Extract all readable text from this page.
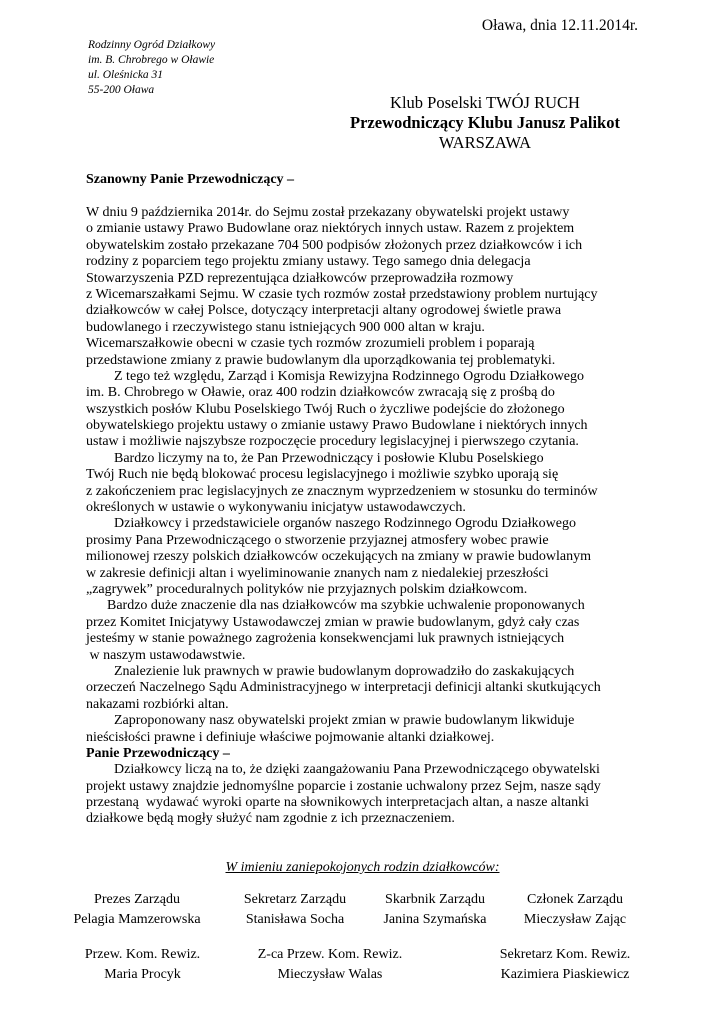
Oława, dnia 12.11.2014r.
Rodzinny Ogród Działkowy
im. B. Chrobrego w Oławie
ul. Oleśnicka 31
55-200 Oława
Klub Poselski TWÓJ RUCH
Przewodniczący Klubu Janusz Palikot
WARSZAWA
Szanowny Panie Przewodniczący –
W dniu 9 października 2014r. do Sejmu został przekazany obywatelski projekt ustawy
o zmianie ustawy Prawo Budowlane oraz niektórych innych ustaw. Razem z projektem
obywatelskim zostało przekazane 704 500 podpisów złożonych przez działkowców i ich
rodziny z poparciem tego projektu zmiany ustawy. Tego samego dnia delegacja
Stowarzyszenia PZD reprezentująca działkowców przeprowadziła rozmowy
z Wicemarszałkami Sejmu. W czasie tych rozmów został przedstawiony problem nurtujący
działkowców w całej Polsce, dotyczący interpretacji altany ogrodowej świetle prawa
budowlanego i rzeczywistego stanu istniejących 900 000 altan w kraju.
Wicemarszałkowie obecni w czasie tych rozmów zrozumieli problem i poparają
przedstawione zmiany z prawie budowlanym dla uporządkowania tej problematyki.
Z tego też względu, Zarząd i Komisja Rewizyjna Rodzinnego Ogrodu Działkowego
im. B. Chrobrego w Oławie, oraz 400 rodzin działkowców zwracają się z prośbą do
wszystkich posłów Klubu Poselskiego Twój Ruch o życzliwe podejście do złożonego
obywatelskiego projektu ustawy o zmianie ustawy Prawo Budowlane i niektórych innych
ustaw i możliwie najszybsze rozpoczęcie procedury legislacyjnej i pierwszego czytania.
Bardzo liczymy na to, że Pan Przewodniczący i posłowie Klubu Poselskiego
Twój Ruch nie będą blokować procesu legislacyjnego i możliwie szybko uporają się
z zakończeniem prac legislacyjnych ze znacznym wyprzedzeniem w stosunku do terminów
określonych w ustawie o wykonywaniu inicjatyw ustawodawczych.
Działkowcy i przedstawiciele organów naszego Rodzinnego Ogrodu Działkowego
prosimy Pana Przewodniczącego o stworzenie przyjaznej atmosfery wobec prawie
milionowej rzeszy polskich działkowców oczekujących na zmiany w prawie budowlanym
w zakresie definicji altan i wyeliminowanie znanych nam z niedalekiej przeszłości
„zagrywek” proceduralnych polityków nie przyjaznych polskim działkowcom.
Bardzo duże znaczenie dla nas działkowców ma szybkie uchwalenie proponowanych
przez Komitet Inicjatywy Ustawodawczej zmian w prawie budowlanym, gdyż cały czas
jesteśmy w stanie poważnego zagrożenia konsekwencjami luk prawnych istniejących
w naszym ustawodawstwie.
Znalezienie luk prawnych w prawie budowlanym doprowadziło do zaskakujących
orzeczeń Naczelnego Sądu Administracyjnego w interpretacji definicji altanki skutkujących
nakazami rozbiórki altan.
Zaproponowany nasz obywatelski projekt zmian w prawie budowlanym likwiduje
nieścisłości prawne i definiuje właściwe pojmowanie altanki działkowej.
Panie Przewodniczący –
Działkowcy liczą na to, że dzięki zaangażowaniu Pana Przewodniczącego obywatelski
projekt ustawy znajdzie jednomyślne poparcie i zostanie uchwalony przez Sejm, nasze sądy
przestaną  wydawać wyroki oparte na słownikowych interpretacjach altan, a nasze altanki
działkowe będą mogły służyć nam zgodnie z ich przeznaczeniem.
W imieniu zaniepokojonych rodzin działkowców:
Prezes Zarządu
Pelagia Mamzerowska
Sekretarz Zarządu
Stanisława Socha
Skarbnik Zarządu
Janina Szymańska
Członek Zarządu
Mieczysław Zając
Przew. Kom. Rewiz.
Maria Procyk
Z-ca Przew. Kom. Rewiz.
Mieczysław Walas
Sekretarz Kom. Rewiz.
Kazimiera Piaskiewicz
